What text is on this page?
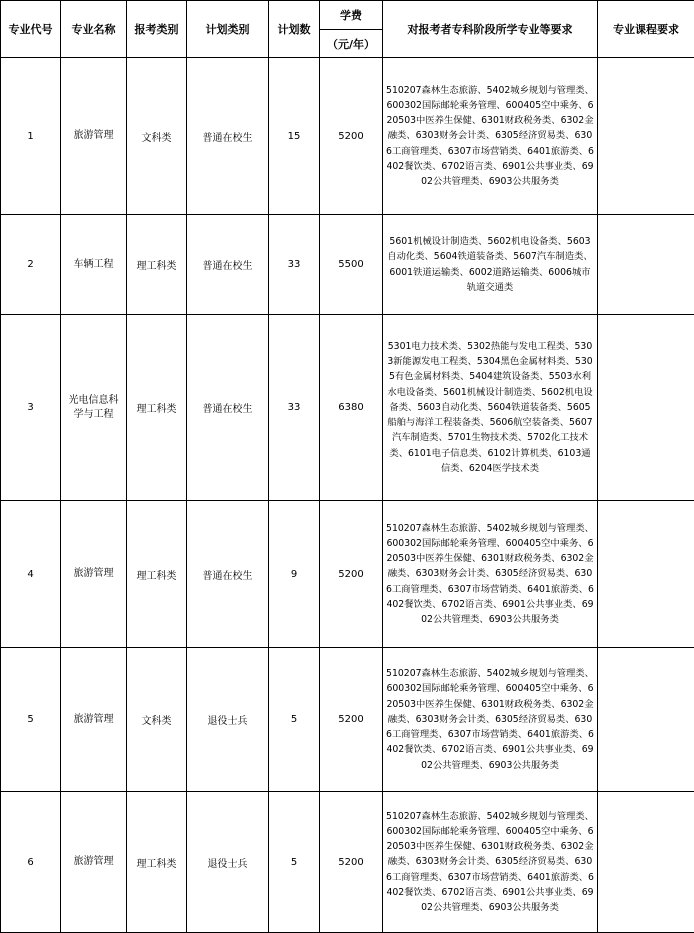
专业代号	专业名称	报考类别	计划类别	计划数	学费	对报考者专科阶段所学专业等要求	专业课程要求
					（元/年）		
1	旅游管理	文科类	普通在校生	15	5200	510207森林生态旅游、5402城乡规划与管理类、600302国际邮轮乘务管理、600405空中乘务、620503中医养生保健、6301财政税务类、6302金融类、6303财务会计类、6305经济贸易类、6306工商管理类、6307市场营销类、6401旅游类、6402餐饮类、6702语言类、6901公共事业类、6902公共管理类、6903公共服务类	
2	车辆工程	理工科类	普通在校生	33	5500	5601机械设计制造类、5602机电设备类、5603自动化类、5604铁道装备类、5607汽车制造类、6001铁道运输类、6002道路运输类、6006城市轨道交通类	
3	光电信息科学与工程	理工科类	普通在校生	33	6380	5301电力技术类、5302热能与发电工程类、5303新能源发电工程类、5304黑色金属材料类、5305有色金属材料类、5404建筑设备类、5503水利水电设备类、5601机械设计制造类、5602机电设备类、5603自动化类、5604铁道装备类、5605船舶与海洋工程装备类、5606航空装备类、5607汽车制造类、5701生物技术类、5702化工技术类、6101电子信息类、6102计算机类、6103通信类、6204医学技术类	
4	旅游管理	理工科类	普通在校生	9	5200	510207森林生态旅游、5402城乡规划与管理类、600302国际邮轮乘务管理、600405空中乘务、620503中医养生保健、6301财政税务类、6302金融类、6303财务会计类、6305经济贸易类、6306工商管理类、6307市场营销类、6401旅游类、6402餐饮类、6702语言类、6901公共事业类、6902公共管理类、6903公共服务类	
5	旅游管理	文科类	退役士兵	5	5200	510207森林生态旅游、5402城乡规划与管理类、600302国际邮轮乘务管理、600405空中乘务、620503中医养生保健、6301财政税务类、6302金融类、6303财务会计类、6305经济贸易类、6306工商管理类、6307市场营销类、6401旅游类、6402餐饮类、6702语言类、6901公共事业类、6902公共管理类、6903公共服务类	
6	旅游管理	理工科类	退役士兵	5	5200	510207森林生态旅游、5402城乡规划与管理类、600302国际邮轮乘务管理、600405空中乘务、620503中医养生保健、6301财政税务类、6302金融类、6303财务会计类、6305经济贸易类、6306工商管理类、6307市场营销类、6401旅游类、6402餐饮类、6702语言类、6901公共事业类、6902公共管理类、6903公共服务类	
